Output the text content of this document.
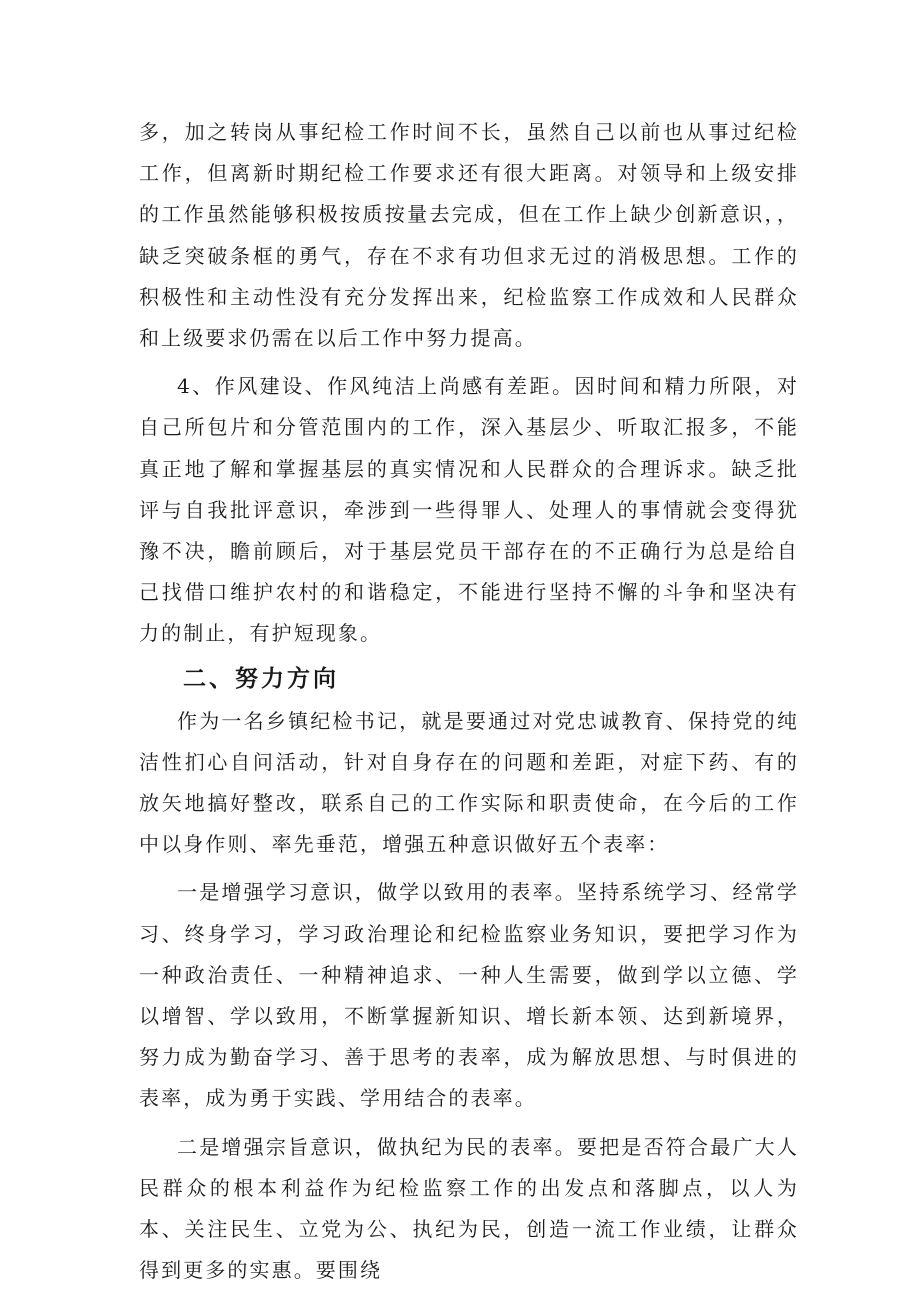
多，加之转岗从事纪检工作时间不长，虽然自己以前也从事过纪检工作，但离新时期纪检工作要求还有很大距离。对领导和上级安排的工作虽然能够积极按质按量去完成，但在工作上缺少创新意识，，缺乏突破条框的勇气，存在不求有功但求无过的消极思想。工作的积极性和主动性没有充分发挥出来，纪检监察工作成效和人民群众和上级要求仍需在以后工作中努力提高。

4、作风建设、作风纯洁上尚感有差距。因时间和精力所限，对自己所包片和分管范围内的工作，深入基层少、听取汇报多，不能真正地了解和掌握基层的真实情况和人民群众的合理诉求。缺乏批评与自我批评意识，牵涉到一些得罪人、处理人的事情就会变得犹豫不决，瞻前顾后，对于基层党员干部存在的不正确行为总是给自己找借口维护农村的和谐稳定，不能进行坚持不懈的斗争和坚决有力的制止，有护短现象。

二、努力方向

作为一名乡镇纪检书记，就是要通过对党忠诚教育、保持党的纯洁性扪心自问活动，针对自身存在的问题和差距，对症下药、有的放矢地搞好整改，联系自己的工作实际和职责使命，在今后的工作中以身作则、率先垂范，增强五种意识做好五个表率：

一是增强学习意识，做学以致用的表率。坚持系统学习、经常学习、终身学习，学习政治理论和纪检监察业务知识，要把学习作为一种政治责任、一种精神追求、一种人生需要，做到学以立德、学以增智、学以致用，不断掌握新知识、增长新本领、达到新境界，努力成为勤奋学习、善于思考的表率，成为解放思想、与时俱进的表率，成为勇于实践、学用结合的表率。

二是增强宗旨意识，做执纪为民的表率。要把是否符合最广大人民群众的根本利益作为纪检监察工作的出发点和落脚点，以人为本、关注民生、立党为公、执纪为民，创造一流工作业绩，让群众得到更多的实惠。要围绕
